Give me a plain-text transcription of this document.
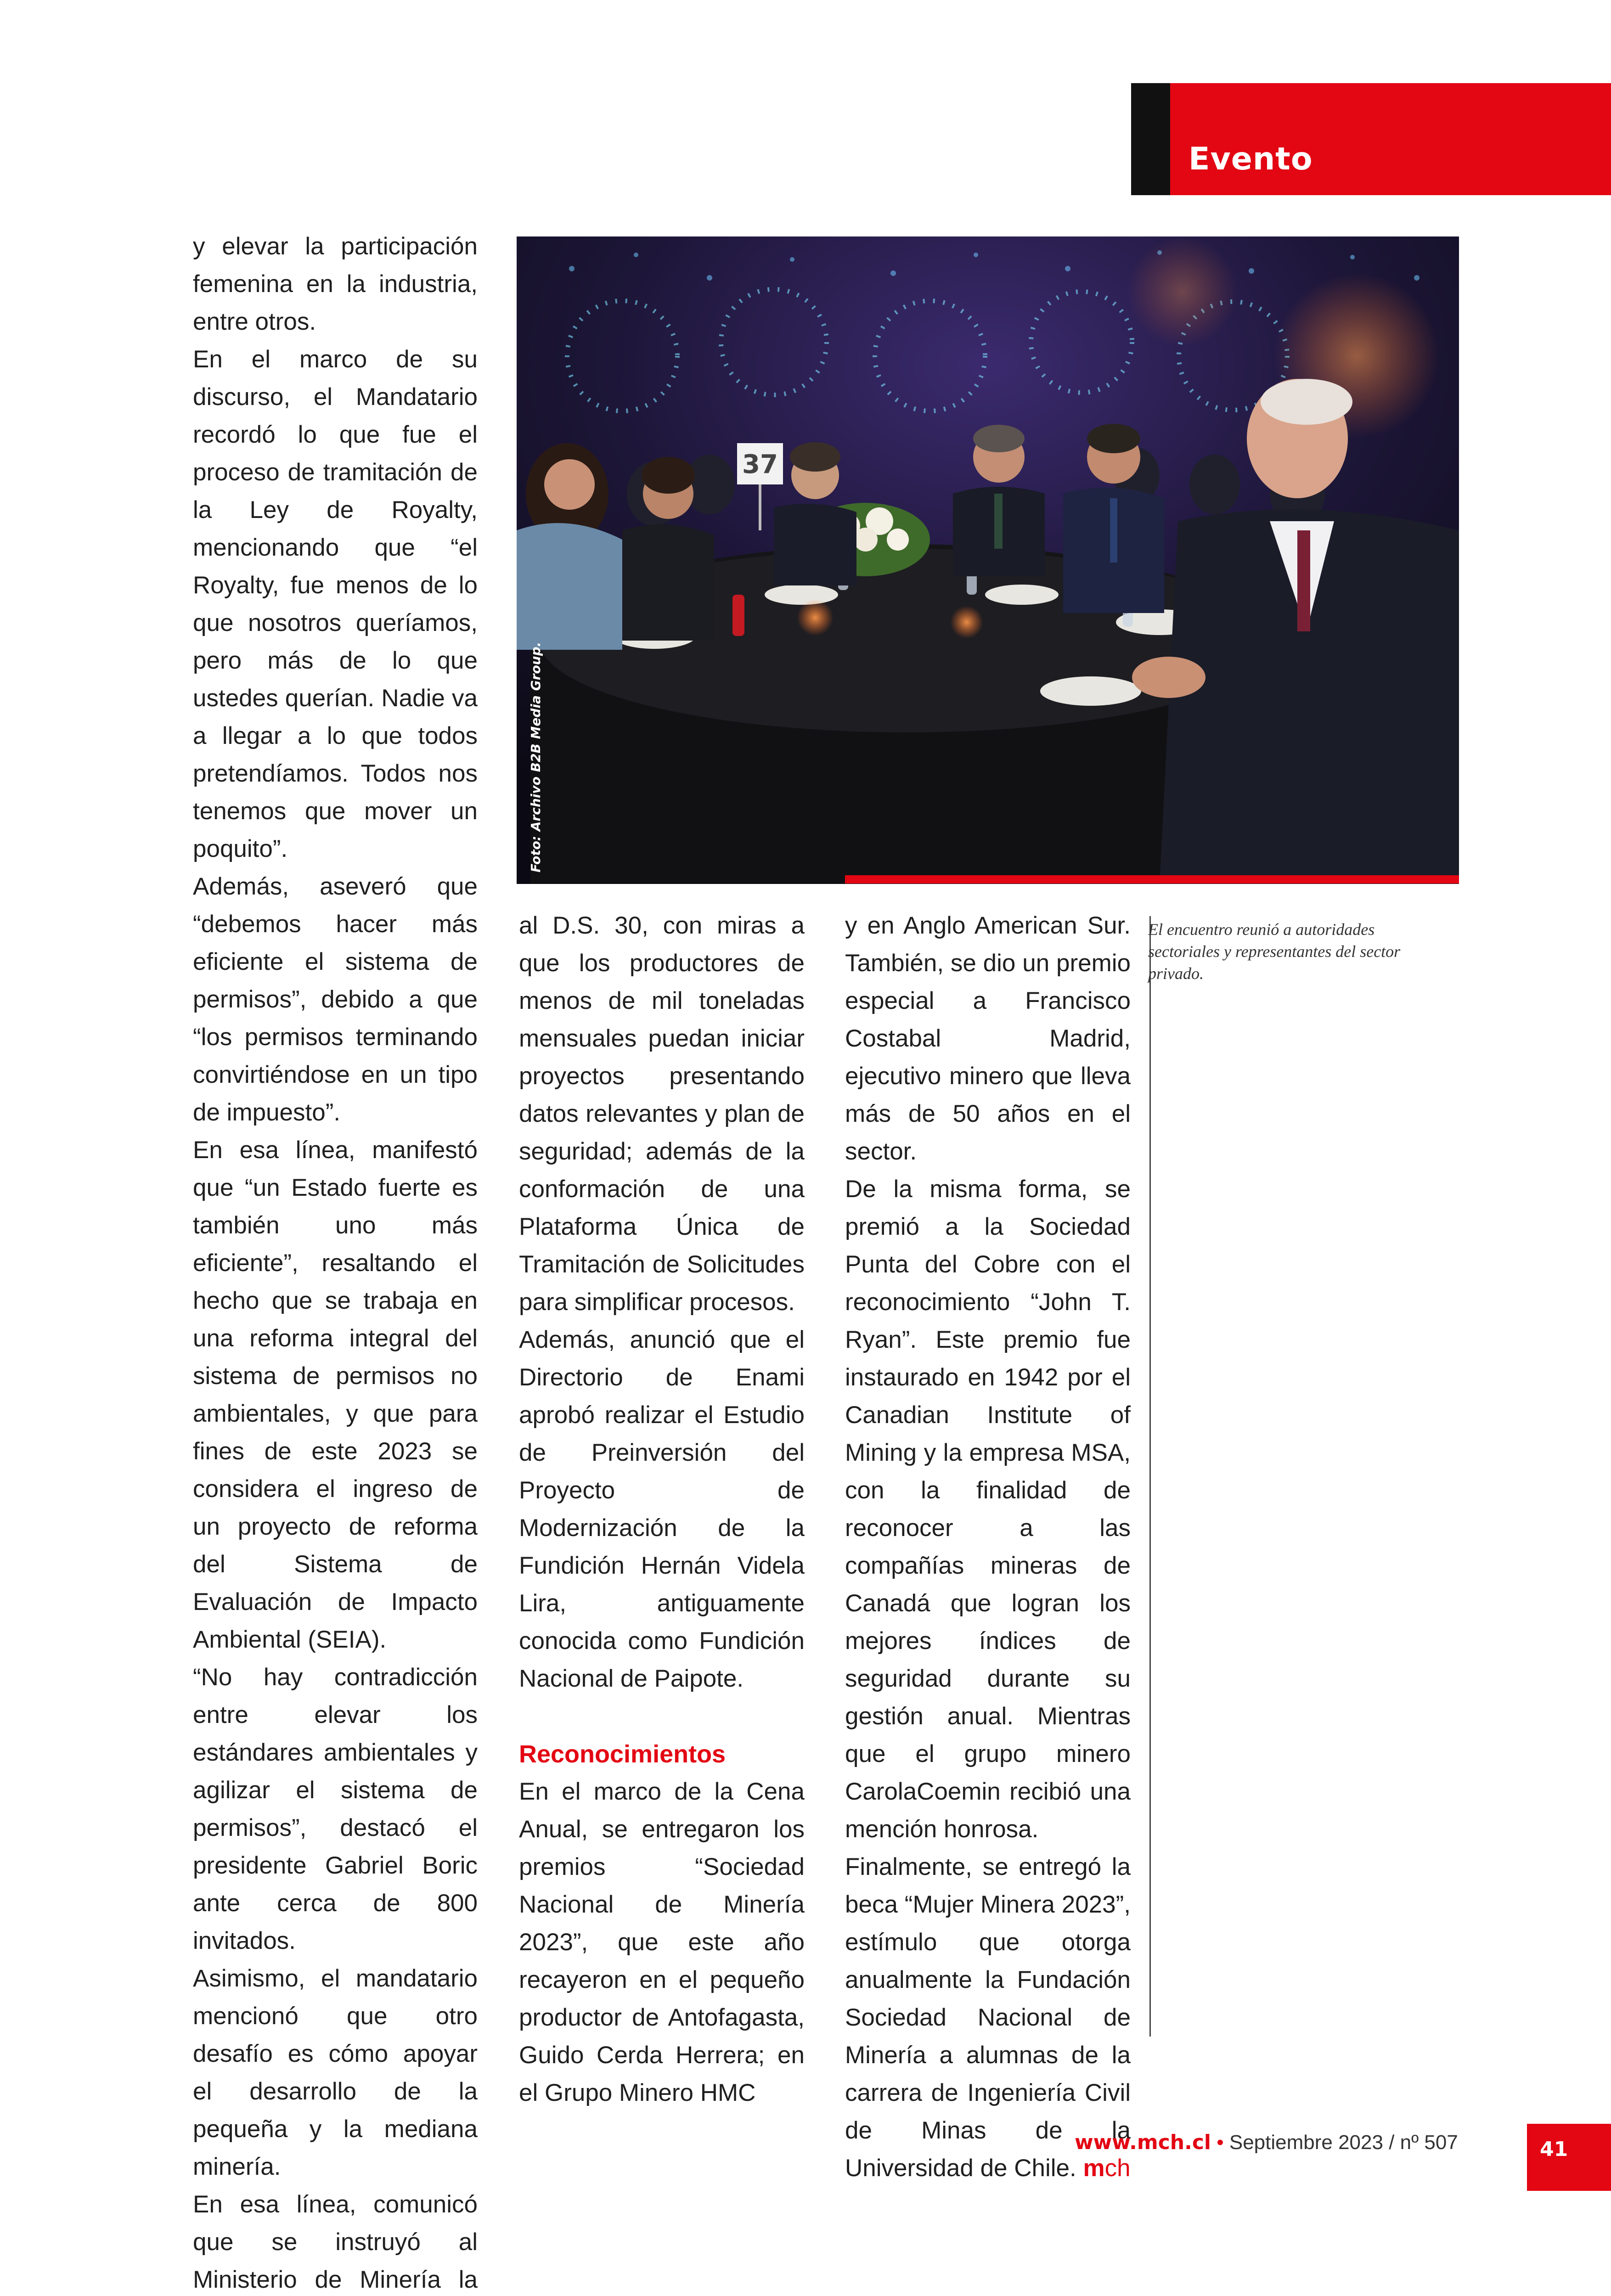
Evento

y elevar la participación femenina en la industria, entre otros.

En el marco de su discurso, el Mandatario recordó lo que fue el proceso de tramitación de la Ley de Royalty, mencionando que “el Royalty, fue menos de lo que nosotros queríamos, pero más de lo que ustedes querían. Nadie va a llegar a lo que todos pretendíamos. Todos nos tenemos que mover un poquito”.

Además, aseveró que “debemos hacer más eficiente el sistema de permisos”, debido a que “los permisos terminando convirtiéndose en un tipo de impuesto”.

En esa línea, manifestó que “un Estado fuerte es también uno más eficiente”, resaltando el hecho que se trabaja en una reforma integral del sistema de permisos no ambientales, y que para fines de este 2023 se considera el ingreso de un proyecto de reforma del Sistema de Evaluación de Impacto Ambiental (SEIA).

“No hay contradicción entre elevar los estándares ambientales y agilizar el sistema de permisos”, destacó el presidente Gabriel Boric ante cerca de 800 invitados.

Asimismo, el mandatario mencionó que otro desafío es cómo apoyar el desarrollo de la pequeña y la mediana minería.

En esa línea, comunicó que se instruyó al Ministerio de Minería la

37
Foto: Archivo B2B Media Group.

al D.S. 30, con miras a que los productores de menos de mil toneladas mensuales puedan iniciar proyectos presentando datos relevantes y plan de seguridad; además de la conformación de una Plataforma Única de Tramitación de Solicitudes para simplificar procesos.

Además, anunció que el Directorio de Enami aprobó realizar el Estudio de Preinversión del Proyecto de Modernización de la Fundición Hernán Videla Lira, antiguamente conocida como Fundición Nacional de Paipote.

Reconocimientos

En el marco de la Cena Anual, se entregaron los premios “Sociedad Nacional de Minería 2023”, que este año recayeron en el pequeño productor de Antofagasta, Guido Cerda Herrera; en el Grupo Minero HMC

y en Anglo American Sur. También, se dio un premio especial a Francisco Costabal Madrid, ejecutivo minero que lleva más de 50 años en el sector.

De la misma forma, se premió a la Sociedad Punta del Cobre con el reconocimiento “John T. Ryan”. Este premio fue instaurado en 1942 por el Canadian Institute of Mining y la empresa MSA, con la finalidad de reconocer a las compañías mineras de Canadá que logran los mejores índices de seguridad durante su gestión anual. Mientras que el grupo minero CarolaCoemin recibió una mención honrosa.

Finalmente, se entregó la beca “Mujer Minera 2023”, estímulo que otorga anualmente la Fundación Sociedad Nacional de Minería a alumnas de la carrera de Ingeniería Civil de Minas de la Universidad de Chile. mch

El encuentro reunió a autoridades sectoriales y representantes del sector privado.
www.mch.cl • Septiembre 2023 / nº 507	41
